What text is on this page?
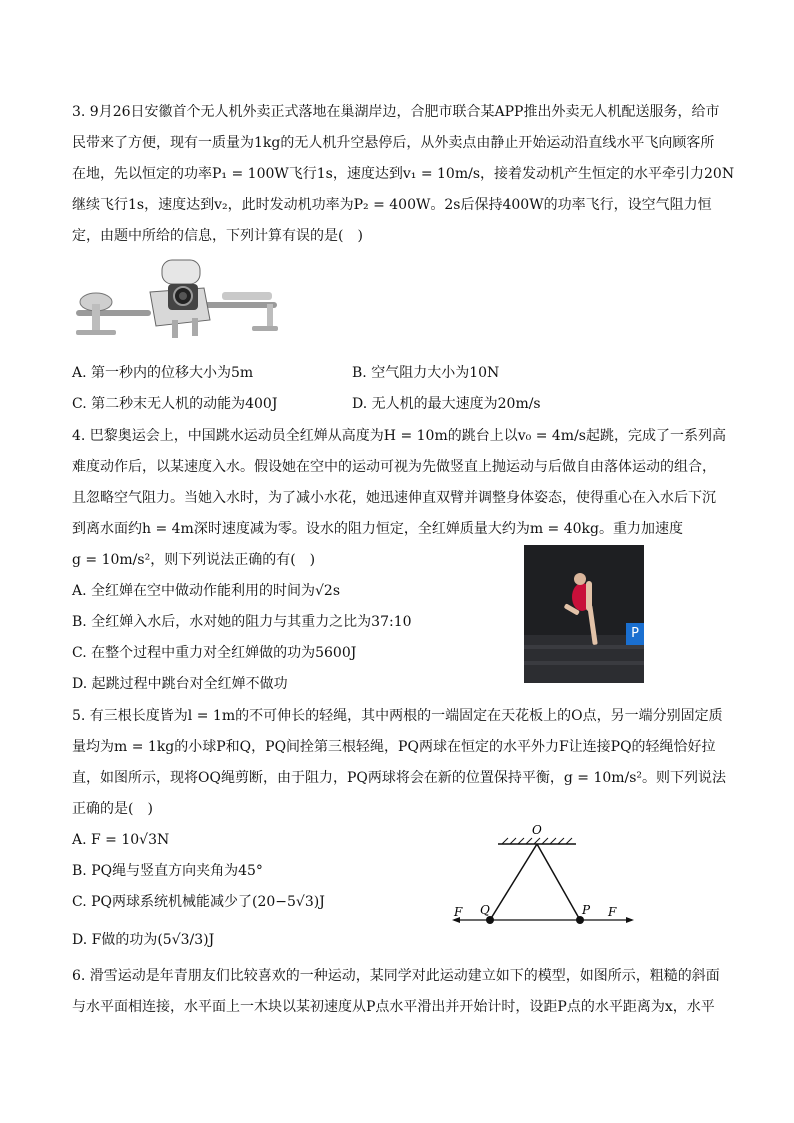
3. 9月26日安徽首个无人机外卖正式落地在巢湖岸边，合肥市联合某APP推出外卖无人机配送服务，给市
民带来了方便，现有一质量为1kg的无人机升空悬停后，从外卖点由静止开始运动沿直线水平飞向顾客所
在地，先以恒定的功率P₁ = 100W飞行1s，速度达到v₁ = 10m/s，接着发动机产生恒定的水平牵引力20N
继续飞行1s，速度达到v₂，此时发动机功率为P₂ = 400W。2s后保持400W的功率飞行，设空气阻力恒
定，由题中所给的信息，下列计算有误的是(　)
A. 第一秒内的位移大小为5m	B. 空气阻力大小为10N
C. 第二秒末无人机的动能为400J	D. 无人机的最大速度为20m/s
4. 巴黎奥运会上，中国跳水运动员全红婵从高度为H = 10m的跳台上以v₀ = 4m/s起跳，完成了一系列高
难度动作后，以某速度入水。假设她在空中的运动可视为先做竖直上抛运动与后做自由落体运动的组合，
且忽略空气阻力。当她入水时，为了减小水花，她迅速伸直双臂并调整身体姿态，使得重心在入水后下沉
到离水面约h = 4m深时速度减为零。设水的阻力恒定，全红婵质量大约为m = 40kg。重力加速度
g = 10m/s²，则下列说法正确的有(　)
P
A. 全红婵在空中做动作能利用的时间为√2s
B. 全红婵入水后，水对她的阻力与其重力之比为37:10
C. 在整个过程中重力对全红婵做的功为5600J
D. 起跳过程中跳台对全红婵不做功
5. 有三根长度皆为l = 1m的不可伸长的轻绳，其中两根的一端固定在天花板上的O点，另一端分别固定质
量均为m = 1kg的小球P和Q，PQ间拴第三根轻绳，PQ两球在恒定的水平外力F让连接PQ的轻绳恰好拉
直，如图所示，现将OQ绳剪断，由于阻力，PQ两球将会在新的位置保持平衡，g = 10m/s²。则下列说法
正确的是(　)
A. F = 10√3N
B. PQ绳与竖直方向夹角为45°
C. PQ两球系统机械能减少了(20−5√3)J
D. F做的功为(5√3/3)J
O
Q	P
F	F
6. 滑雪运动是年青朋友们比较喜欢的一种运动，某同学对此运动建立如下的模型，如图所示，粗糙的斜面
与水平面相连接，水平面上一木块以某初速度从P点水平滑出并开始计时，设距P点的水平距离为x，水平
